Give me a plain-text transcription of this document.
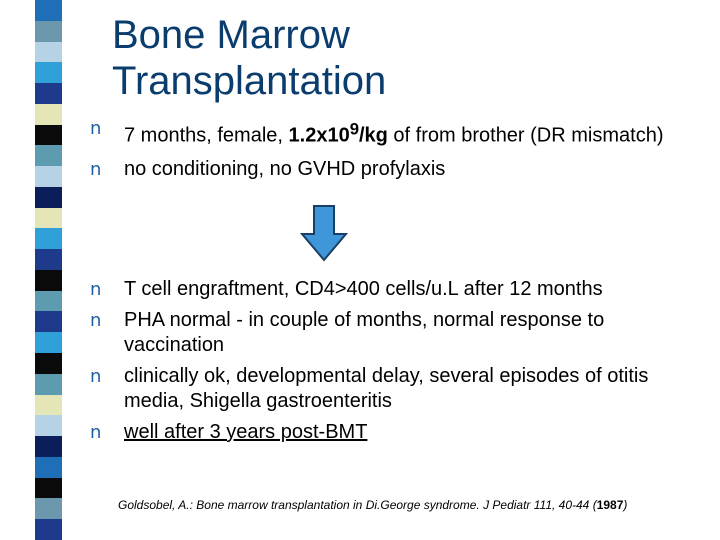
Bone Marrow
Transplantation
n 7 months, female, $1.2x10^9/kg$ of from brother (DR mismatch)
n no conditioning, no GVHD profylaxis
n T cell engraftment, CD4>400 cells/u.L after 12 months
n PHA normal - in couple of months, normal response to vaccination
n clinically ok, developmental delay, several episodes of otitis media, Shigella gastroenteritis
n well after 3 years post-BMT

Goldsobel, A.: Bone marrow transplantation in Di.George syndrome. J Pediatr 111, 40-44 (1987)
